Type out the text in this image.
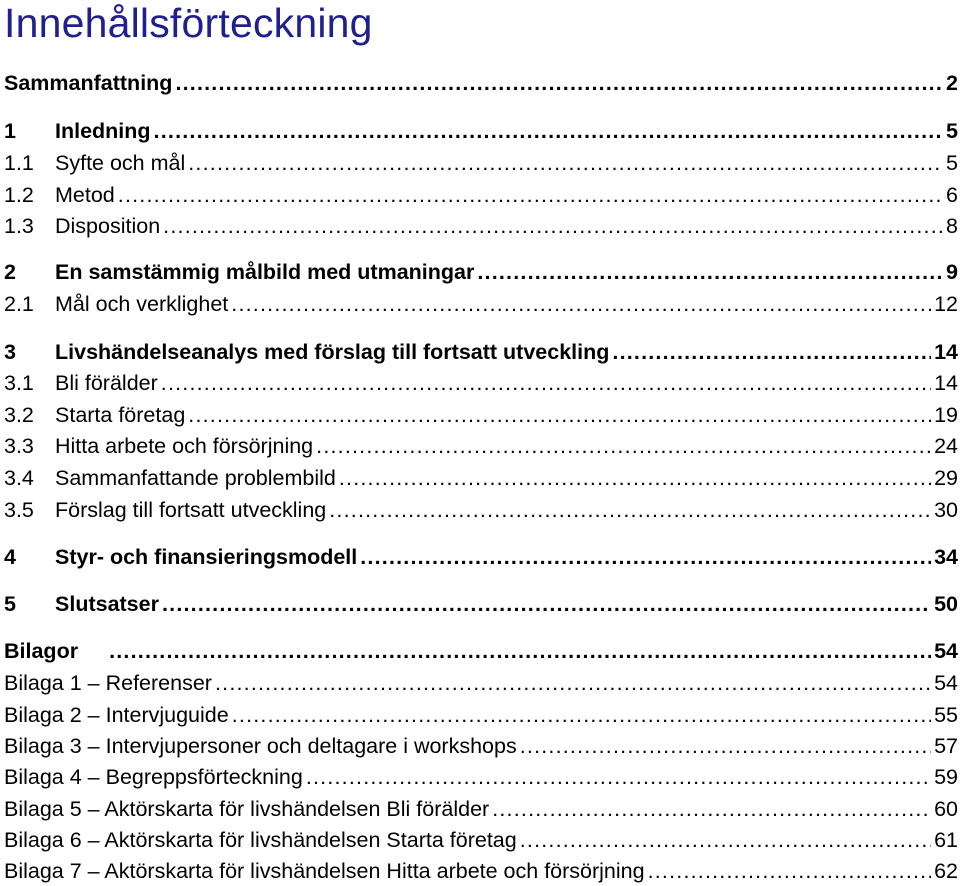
Innehållsförteckning
Sammanfattning .....	2
1	Inledning .....	5
1.1 Syfte och mål .....	5
1.2 Metod .....	6
1.3 Disposition .....	8
2	En samstämmig målbild med utmaningar .....	9
2.1 Mål och verklighet .....	12
3	Livshändelseanalys med förslag till fortsatt utveckling .....	14
3.1 Bli förälder .....	14
3.2 Starta företag .....	19
3.3 Hitta arbete och försörjning .....	24
3.4 Sammanfattande problembild .....	29
3.5 Förslag till fortsatt utveckling .....	30
4	Styr- och finansieringsmodell .....	34
5	Slutsatser .....	50
Bilagor .....	54
Bilaga 1 – Referenser .....	54
Bilaga 2 – Intervjuguide .....	55
Bilaga 3 – Intervjupersoner och deltagare i workshops .....	57
Bilaga 4 – Begreppsförteckning .....	59
Bilaga 5 – Aktörskarta för livshändelsen Bli förälder .....	60
Bilaga 6 – Aktörskarta för livshändelsen Starta företag .....	61
Bilaga 7 – Aktörskarta för livshändelsen Hitta arbete och försörjning .....	62
